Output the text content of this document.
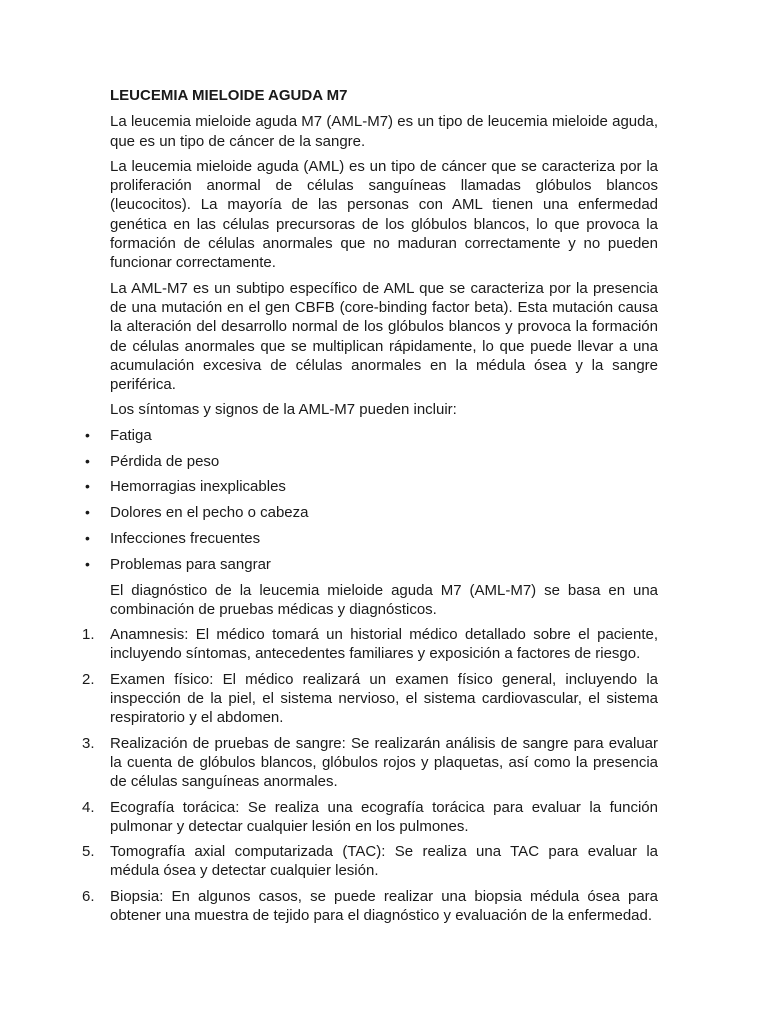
LEUCEMIA MIELOIDE AGUDA M7

La leucemia mieloide aguda M7 (AML-M7) es un tipo de leucemia mieloide aguda, que es un tipo de cáncer de la sangre.

La leucemia mieloide aguda (AML) es un tipo de cáncer que se caracteriza por la proliferación anormal de células sanguíneas llamadas glóbulos blancos (leucocitos). La mayoría de las personas con AML tienen una enfermedad genética en las células precursoras de los glóbulos blancos, lo que provoca la formación de células anormales que no maduran correctamente y no pueden funcionar correctamente.

La AML-M7 es un subtipo específico de AML que se caracteriza por la presencia de una mutación en el gen CBFB (core-binding factor beta). Esta mutación causa la alteración del desarrollo normal de los glóbulos blancos y provoca la formación de células anormales que se multiplican rápidamente, lo que puede llevar a una acumulación excesiva de células anormales en la médula ósea y la sangre periférica.

Los síntomas y signos de la AML-M7 pueden incluir:

• Fatiga
• Pérdida de peso
• Hemorragias inexplicables
• Dolores en el pecho o cabeza
• Infecciones frecuentes
• Problemas para sangrar

El diagnóstico de la leucemia mieloide aguda M7 (AML-M7) se basa en una combinación de pruebas médicas y diagnósticos.

1.	Anamnesis: El médico tomará un historial médico detallado sobre el paciente, incluyendo síntomas, antecedentes familiares y exposición a factores de riesgo.
2.	Examen físico: El médico realizará un examen físico general, incluyendo la inspección de la piel, el sistema nervioso, el sistema cardiovascular, el sistema respiratorio y el abdomen.
3.	Realización de pruebas de sangre: Se realizarán análisis de sangre para evaluar la cuenta de glóbulos blancos, glóbulos rojos y plaquetas, así como la presencia de células sanguíneas anormales.
4.	Ecografía torácica: Se realiza una ecografía torácica para evaluar la función pulmonar y detectar cualquier lesión en los pulmones.
5.	Tomografía axial computarizada (TAC): Se realiza una TAC para evaluar la médula ósea y detectar cualquier lesión.
6.	Biopsia: En algunos casos, se puede realizar una biopsia médula ósea para obtener una muestra de tejido para el diagnóstico y evaluación de la enfermedad.
